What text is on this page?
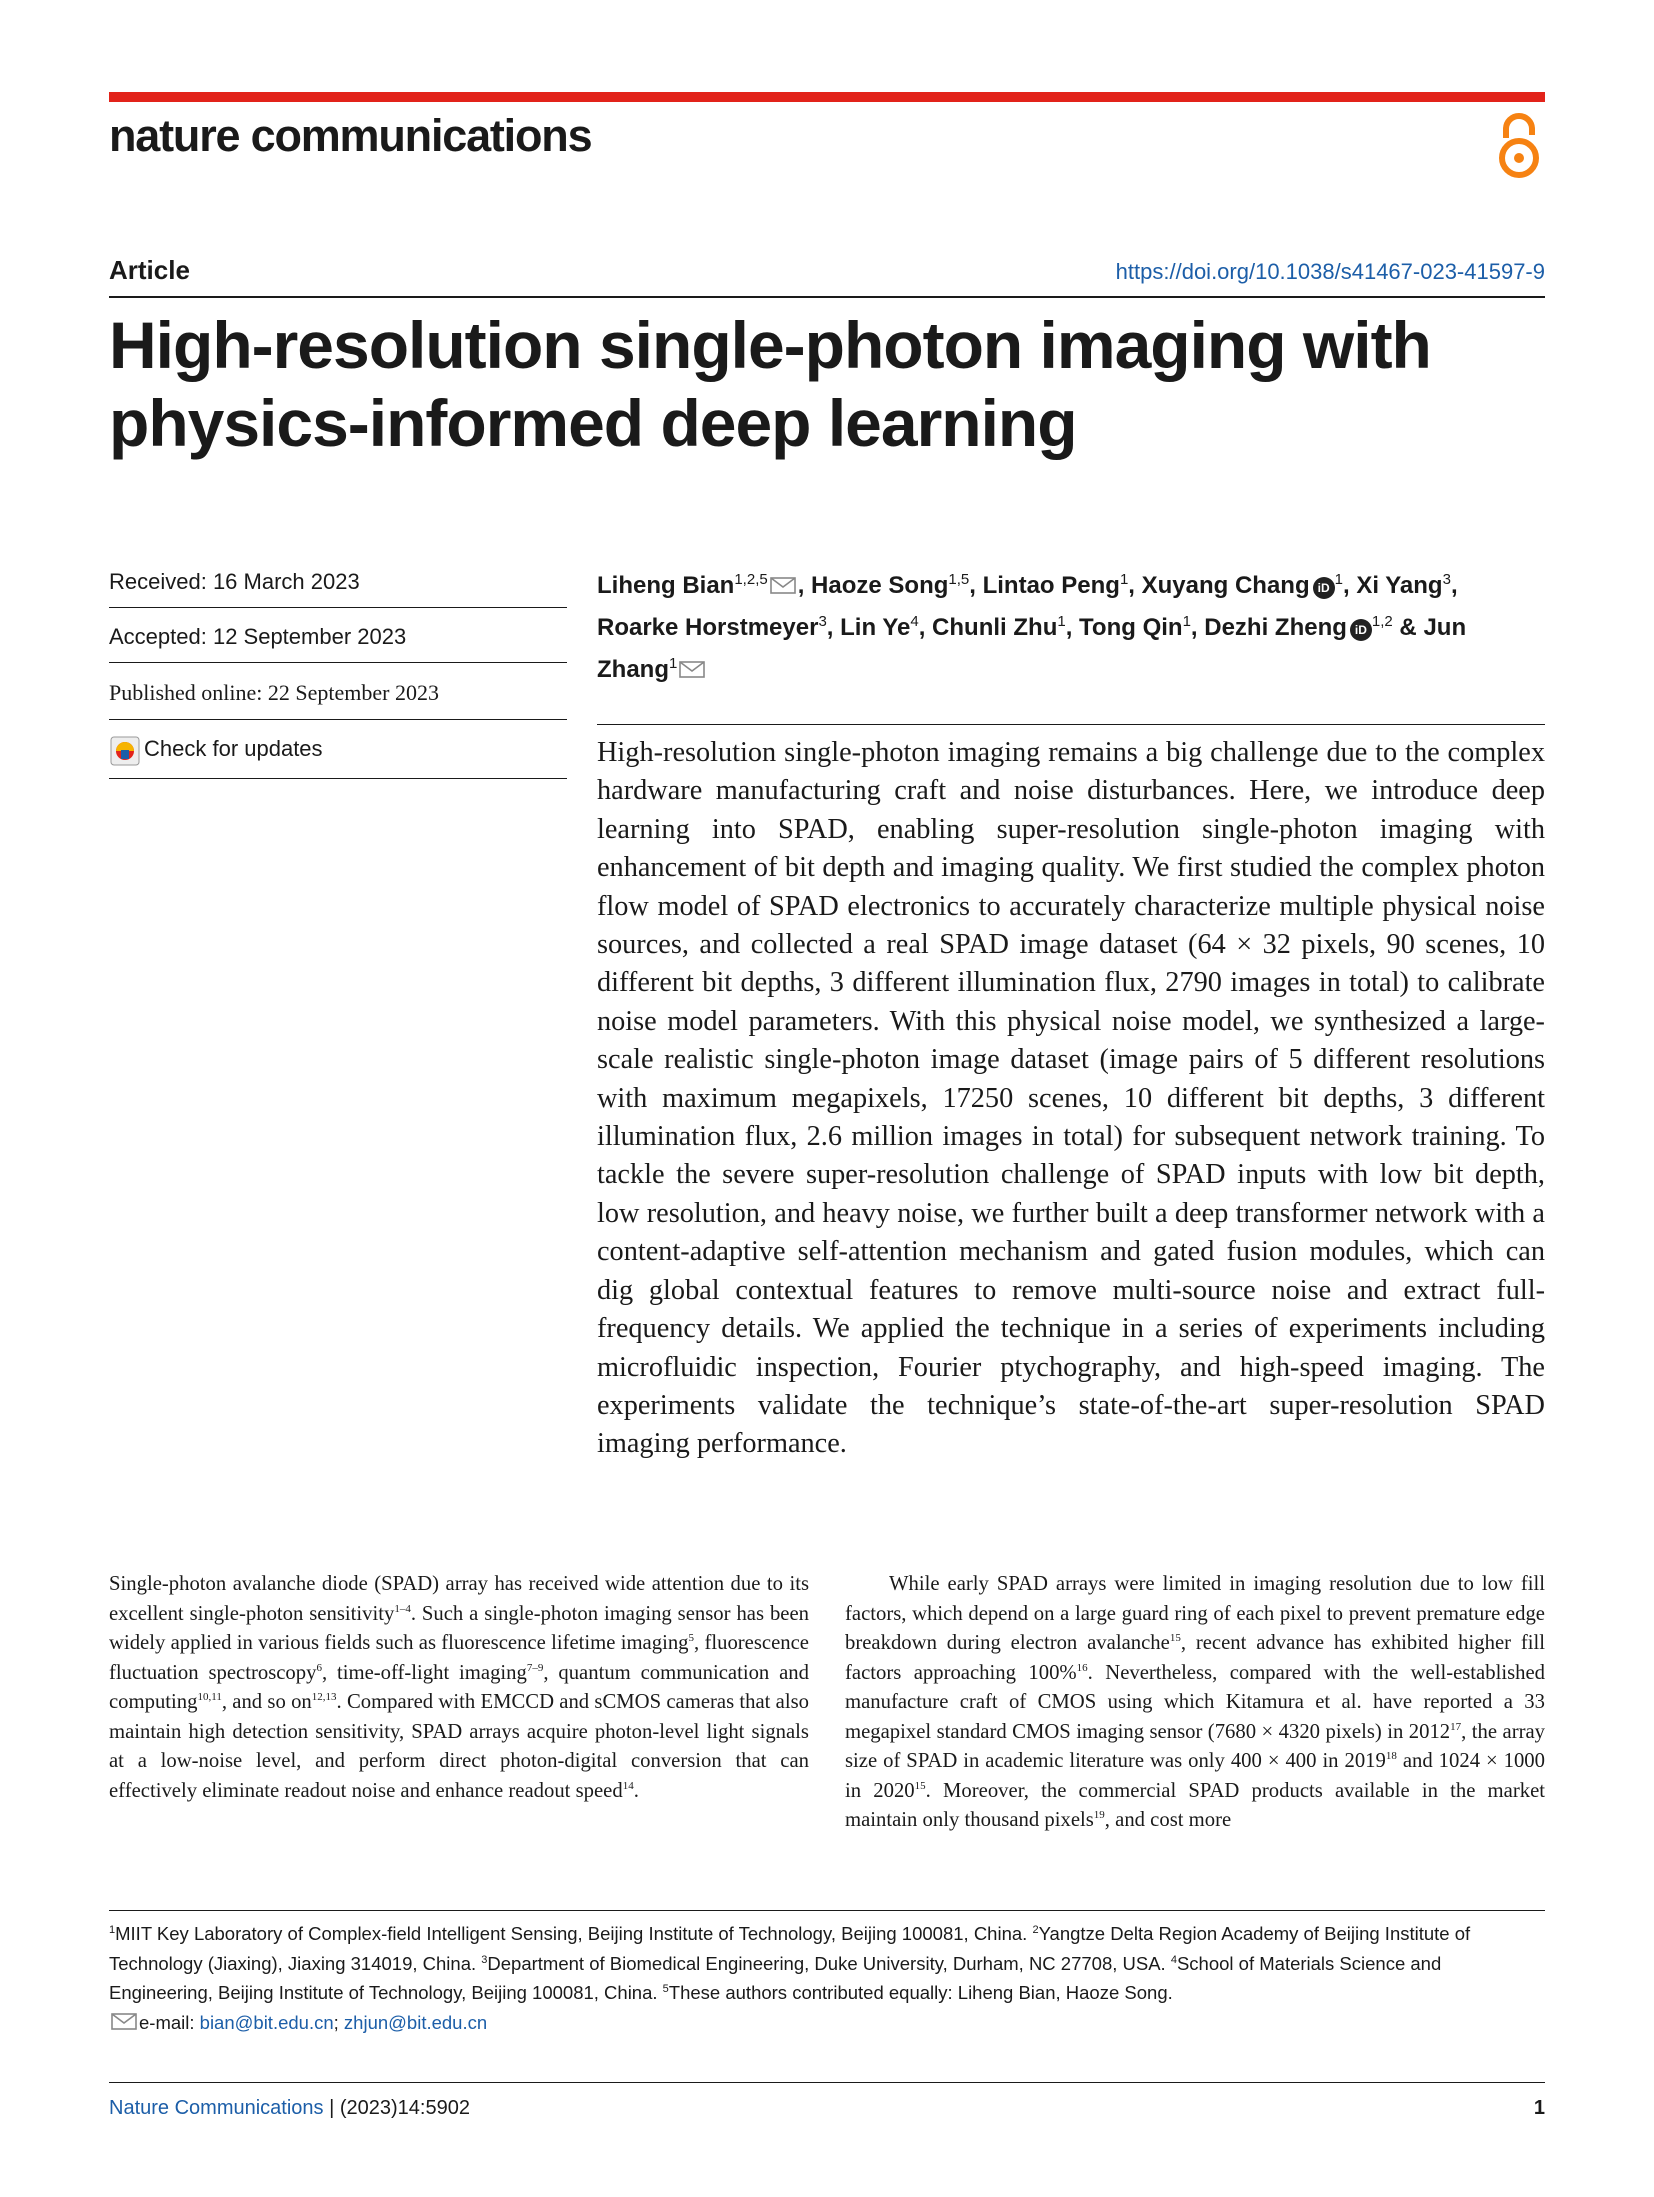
nature communications
Article	https://doi.org/10.1038/s41467-023-41597-9
High-resolution single-photon imaging with
physics-informed deep learning
Received: 16 March 2023
Accepted: 12 September 2023
Published online: 22 September 2023
Check for updates
Liheng Bian$^{1,2,5}$ , Haoze Song$^{1,5}$, Lintao Peng$^1$, Xuyang Chang iD $^1$, Xi Yang$^3$, Roarke Horstmeyer$^3$, Lin Ye$^4$, Chunli Zhu$^1$, Tong Qin$^1$, Dezhi Zheng iD $^{1,2}$ & Jun Zhang$^1$
High-resolution single-photon imaging remains a big challenge due to the complex hardware manufacturing craft and noise disturbances. Here, we introduce deep learning into SPAD, enabling super-resolution single-photon imaging with enhancement of bit depth and imaging quality. We first studied the complex photon flow model of SPAD electronics to accurately characterize multiple physical noise sources, and collected a real SPAD image dataset (64 × 32 pixels, 90 scenes, 10 different bit depths, 3 different illumination flux, 2790 images in total) to calibrate noise model parameters. With this physical noise model, we synthesized a large-scale realistic single-photon image dataset (image pairs of 5 different resolutions with maximum megapixels, 17250 scenes, 10 different bit depths, 3 different illumination flux, 2.6 million images in total) for subsequent network training. To tackle the severe super-resolution challenge of SPAD inputs with low bit depth, low resolution, and heavy noise, we further built a deep transformer network with a content-adaptive self-attention mechanism and gated fusion modules, which can dig global contextual features to remove multi-source noise and extract full-frequency details. We applied the technique in a series of experiments including microfluidic inspection, Fourier ptychography, and high-speed imaging. The experiments validate the technique’s state-of-the-art super-resolution SPAD imaging performance.
Single-photon avalanche diode (SPAD) array has received wide attention due to its excellent single-photon sensitivity$^{1-4}$. Such a single-photon imaging sensor has been widely applied in various fields such as fluorescence lifetime imaging$^5$, fluorescence fluctuation spectroscopy$^6$, time-off-light imaging$^{7-9}$, quantum communication and computing$^{10,11}$, and so on$^{12,13}$. Compared with EMCCD and sCMOS cameras that also maintain high detection sensitivity, SPAD arrays acquire photon-level light signals at a low-noise level, and perform direct photon-digital conversion that can effectively eliminate readout noise and enhance readout speed$^{14}$.
While early SPAD arrays were limited in imaging resolution due to low fill factors, which depend on a large guard ring of each pixel to prevent premature edge breakdown during electron avalanche$^{15}$, recent advance has exhibited higher fill factors approaching 100%$^{16}$. Nevertheless, compared with the well-established manufacture craft of CMOS using which Kitamura et al. have reported a 33 megapixel standard CMOS imaging sensor (7680 × 4320 pixels) in 2012$^{17}$, the array size of SPAD in academic literature was only 400 × 400 in 2019$^{18}$ and 1024 × 1000 in 2020$^{15}$. Moreover, the commercial SPAD products available in the market maintain only thousand pixels$^{19}$, and cost more
$^1$MIIT Key Laboratory of Complex-field Intelligent Sensing, Beijing Institute of Technology, Beijing 100081, China. $^2$Yangtze Delta Region Academy of Beijing Institute of Technology (Jiaxing), Jiaxing 314019, China. $^3$Department of Biomedical Engineering, Duke University, Durham, NC 27708, USA. $^4$School of Materials Science and Engineering, Beijing Institute of Technology, Beijing 100081, China. $^5$These authors contributed equally: Liheng Bian, Haoze Song.
e-mail: bian@bit.edu.cn; zhjun@bit.edu.cn
Nature Communications | (2023)14:5902	1
